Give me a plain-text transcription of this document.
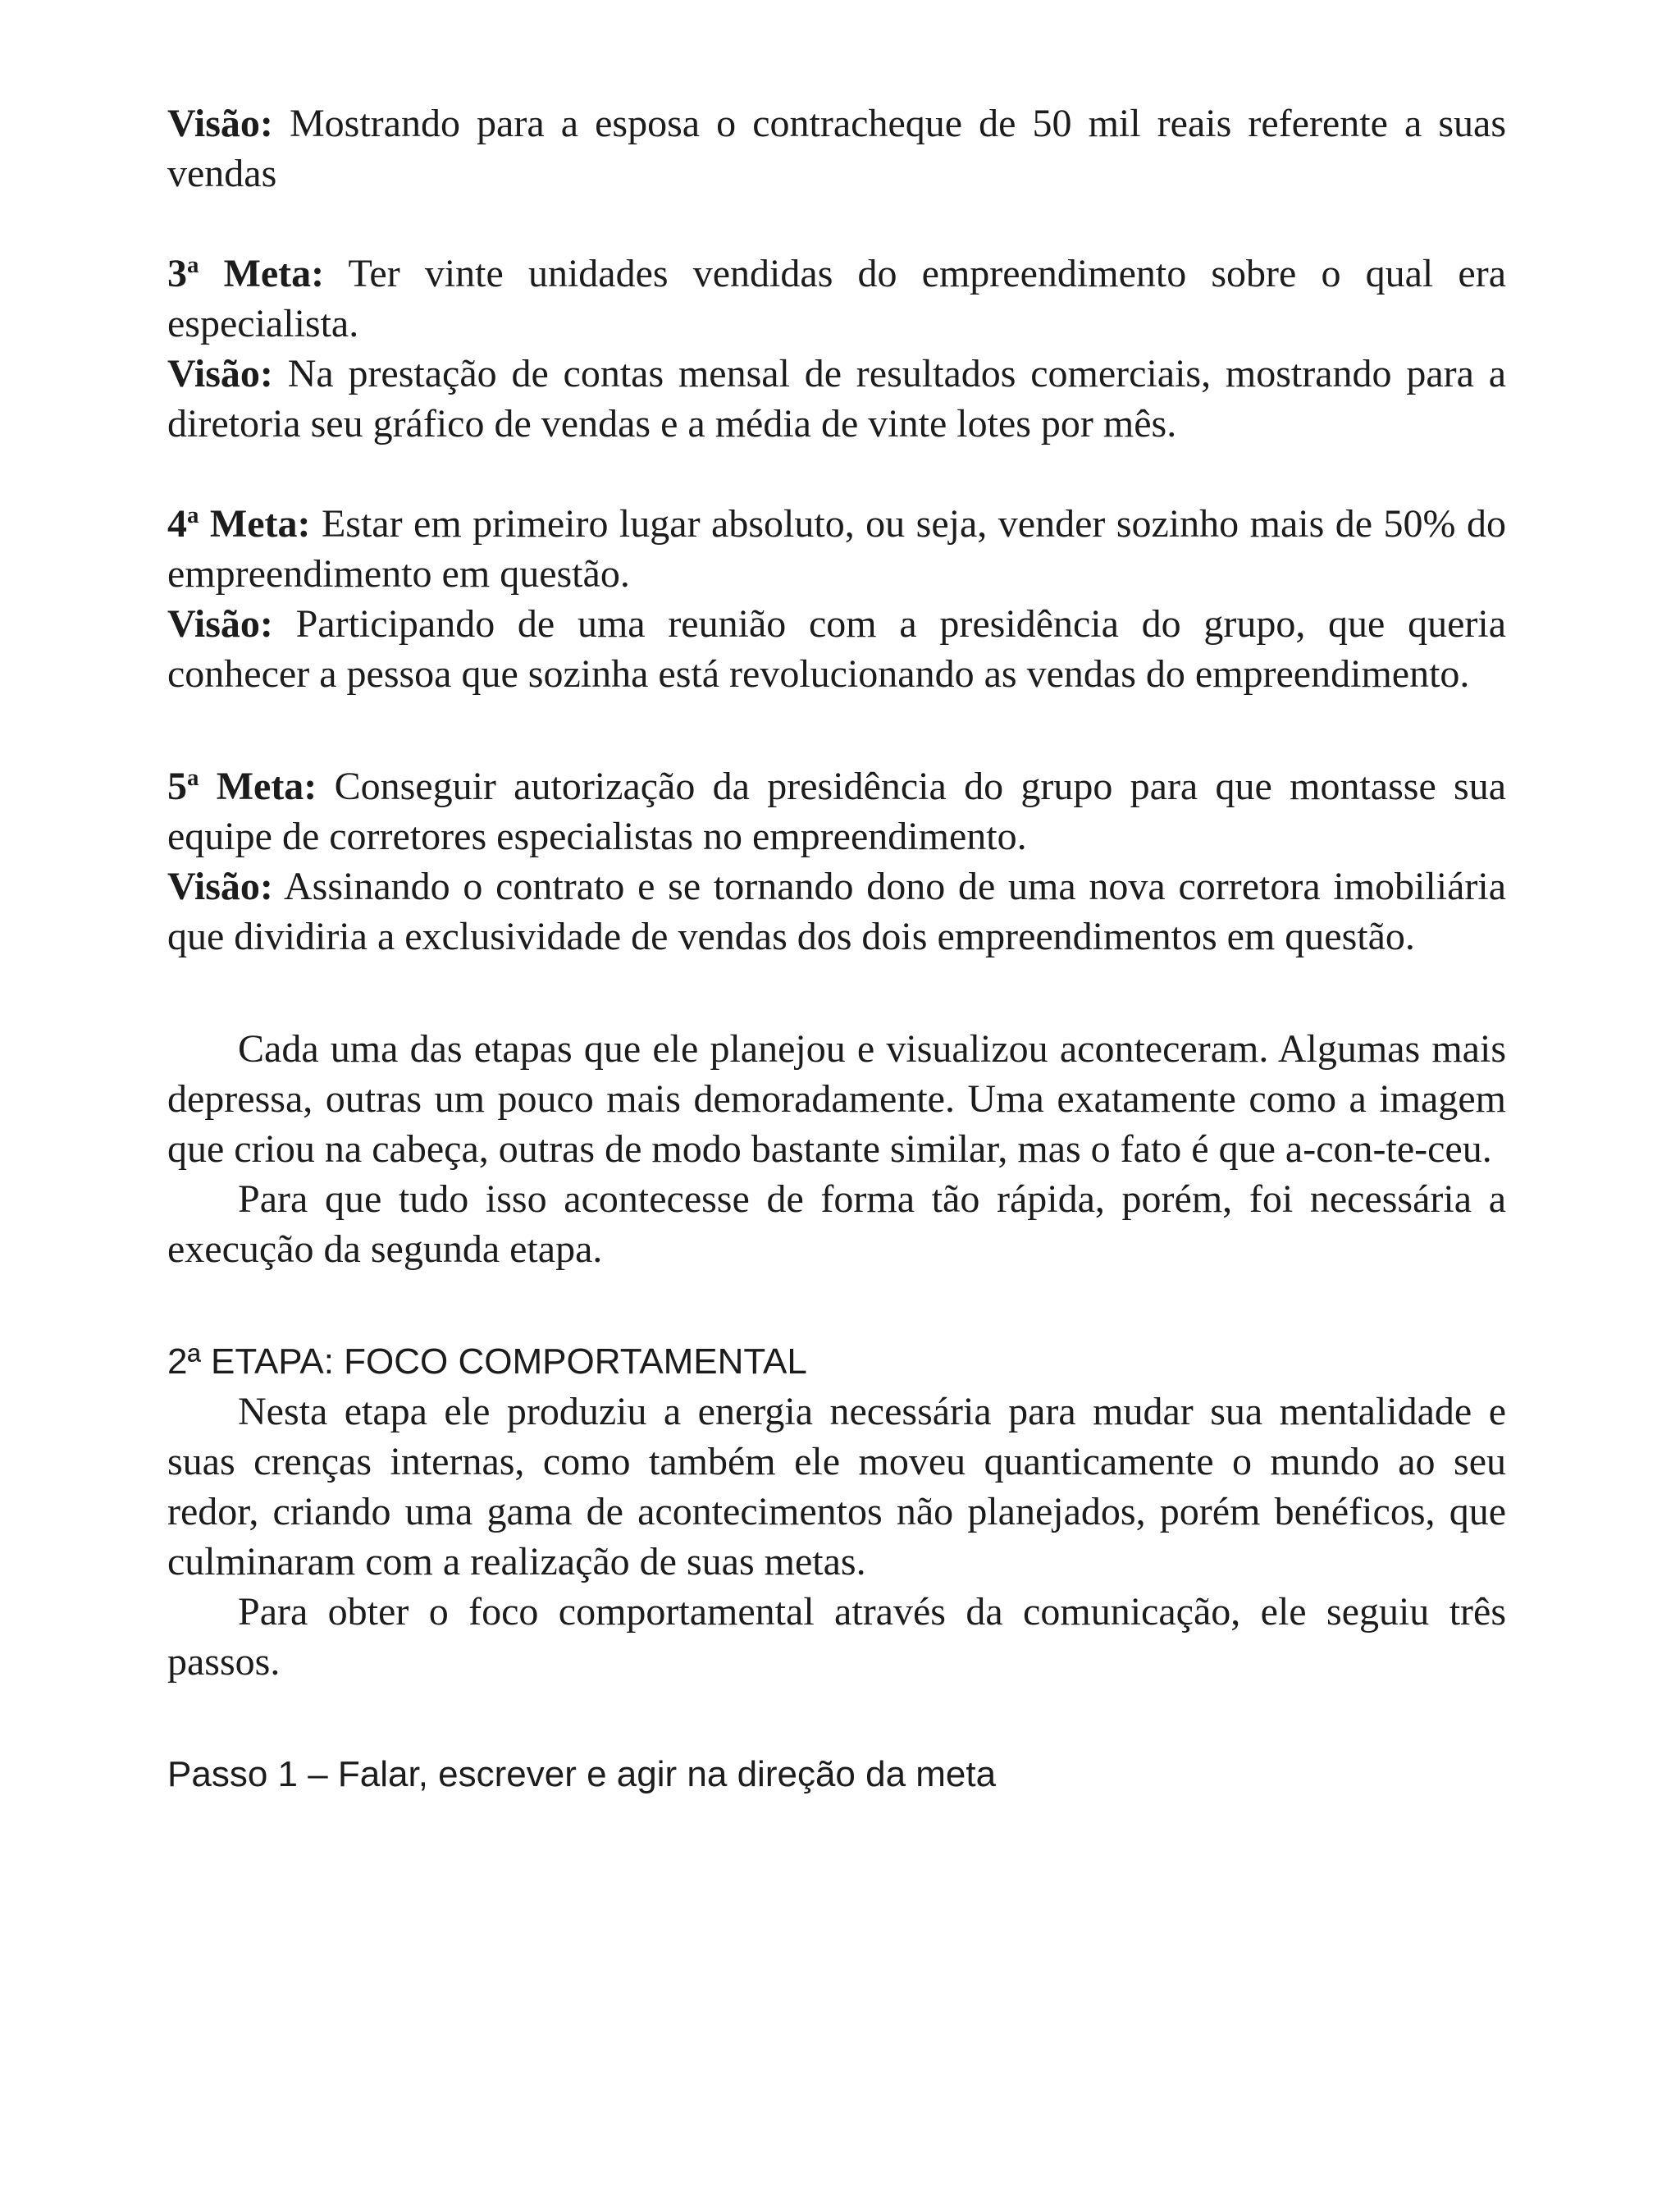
Visão: Mostrando para a esposa o contracheque de 50 mil reais referente a suas vendas

3$^a$ Meta: Ter vinte unidades vendidas do empreendimento sobre o qual era especialista.

Visão: Na prestação de contas mensal de resultados comerciais, mostrando para a diretoria seu gráfico de vendas e a média de vinte lotes por mês.

4$^a$ Meta: Estar em primeiro lugar absoluto, ou seja, vender sozinho mais de 50% do empreendimento em questão.

Visão: Participando de uma reunião com a presidência do grupo, que queria conhecer a pessoa que sozinha está revolucionando as vendas do empreendimento.

5$^a$ Meta: Conseguir autorização da presidência do grupo para que montasse sua equipe de corretores especialistas no empreendimento.

Visão: Assinando o contrato e se tornando dono de uma nova corretora imobiliária que dividiria a exclusividade de vendas dos dois empreendimentos em questão.

Cada uma das etapas que ele planejou e visualizou aconteceram. Algumas mais depressa, outras um pouco mais demoradamente. Uma exatamente como a imagem que criou na cabeça, outras de modo bastante similar, mas o fato é que a-con-te-ceu.

Para que tudo isso acontecesse de forma tão rápida, porém, foi necessária a execução da segunda etapa.

2ª ETAPA: FOCO COMPORTAMENTAL

Nesta etapa ele produziu a energia necessária para mudar sua mentalidade e suas crenças internas, como também ele moveu quanticamente o mundo ao seu redor, criando uma gama de acontecimentos não planejados, porém benéficos, que culminaram com a realização de suas metas.

Para obter o foco comportamental através da comunicação, ele seguiu três passos.

Passo 1 – Falar, escrever e agir na direção da meta
